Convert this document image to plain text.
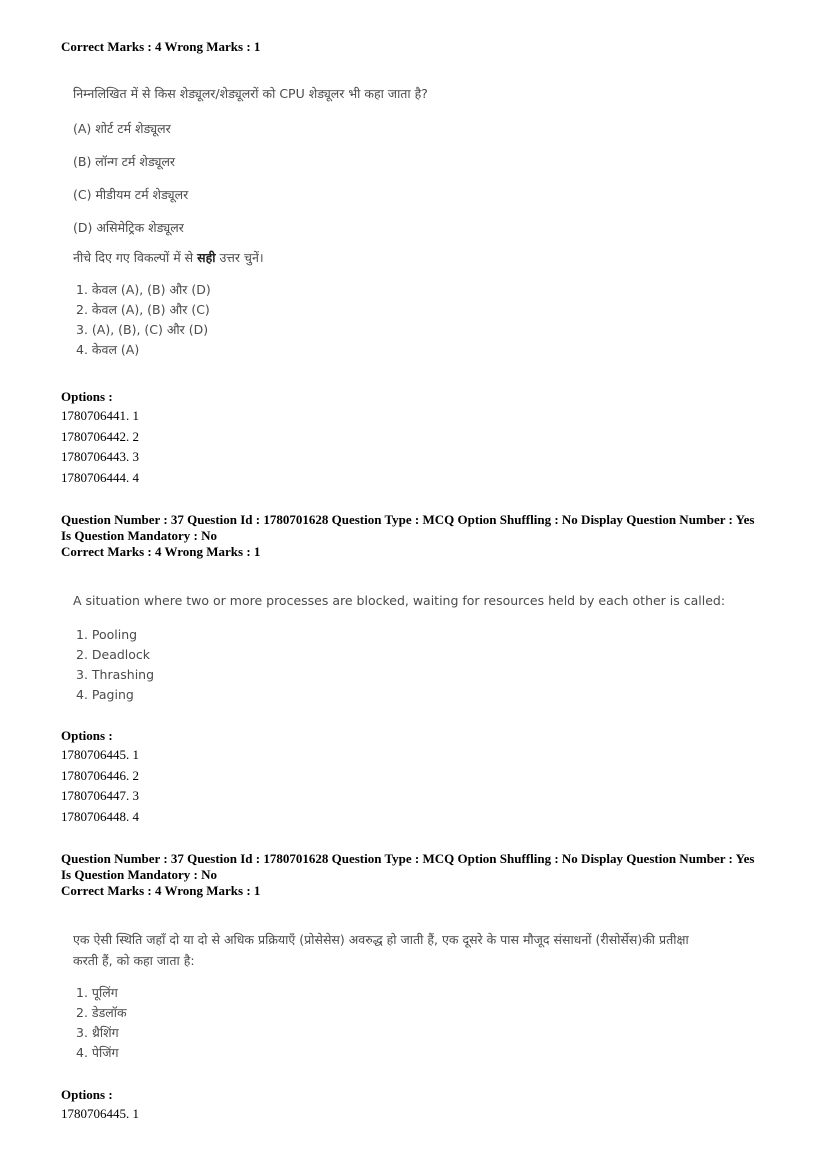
Correct Marks : 4 Wrong Marks : 1

निम्नलिखित में से किस शेड्यूलर/शेड्यूलरों को CPU शेड्यूलर भी कहा जाता है?

(A) शोर्ट टर्म शेड्यूलर

(B) लॉन्ग टर्म शेड्यूलर

(C) मीडीयम टर्म शेड्यूलर

(D) असिमेट्रिक शेड्यूलर

नीचे दिए गए विकल्पों में से सही उत्तर चुनें।

1. केवल (A), (B) और (D)

2. केवल (A), (B) और (C)

3. (A), (B), (C) और (D)

4. केवल (A)

Options :
1780706441. 1
1780706442. 2
1780706443. 3
1780706444. 4
Question Number : 37 Question Id : 1780701628 Question Type : MCQ Option Shuffling : No Display Question Number : Yes
Is Question Mandatory : No
Correct Marks : 4 Wrong Marks : 1

A situation where two or more processes are blocked, waiting for resources held by each other is called:

1. Pooling

2. Deadlock

3. Thrashing

4. Paging

Options :
1780706445. 1
1780706446. 2
1780706447. 3
1780706448. 4
Question Number : 37 Question Id : 1780701628 Question Type : MCQ Option Shuffling : No Display Question Number : Yes
Is Question Mandatory : No
Correct Marks : 4 Wrong Marks : 1

एक ऐसी स्थिति जहाँ दो या दो से अधिक प्रक्रियाएँ (प्रोसेसेस) अवरुद्ध हो जाती हैं, एक दूसरे के पास मौजूद संसाधनों (रीसोर्सेस)की प्रतीक्षा

करती हैं, को कहा जाता है:

1. पूलिंग

2. डेडलॉक

3. थ्रैशिंग

4. पेजिंग

Options :
1780706445. 1
